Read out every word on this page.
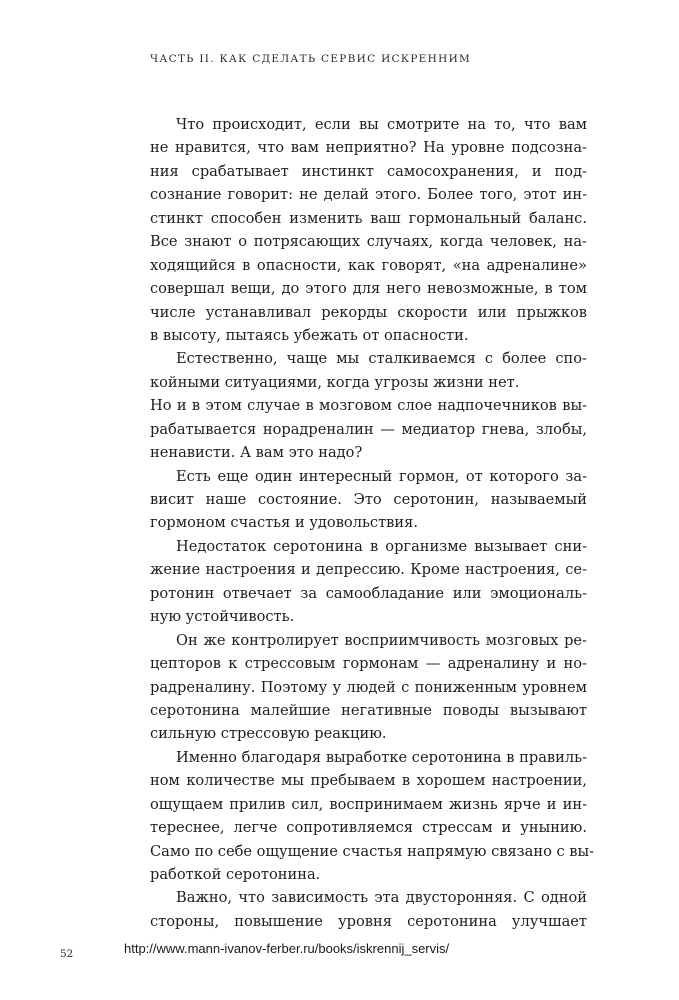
ЧАСТЬ II. КАК СДЕЛАТЬ СЕРВИС ИСКРЕННИМ
Что происходит, если вы смотрите на то, что вам
не нравится, что вам неприятно? На уровне подсозна-
ния срабатывает инстинкт самосохранения, и под-
сознание говорит: не делай этого. Более того, этот ин-
стинкт способен изменить ваш гормональный баланс.
Все знают о потрясающих случаях, когда человек, на-
ходящийся в опасности, как говорят, «на адреналине»
совершал вещи, до этого для него невозможные, в том
числе устанавливал рекорды скорости или прыжков
в высоту, пытаясь убежать от опасности.
Естественно, чаще мы сталкиваемся с более спо-
койными ситуациями, когда угрозы жизни нет.
Но и в этом случае в мозговом слое надпочечников вы-
рабатывается норадреналин — медиатор гнева, злобы,
ненависти. А вам это надо?
Есть еще один интересный гормон, от которого за-
висит наше состояние. Это серотонин, называемый
гормоном счастья и удовольствия.
Недостаток серотонина в организме вызывает сни-
жение настроения и депрессию. Кроме настроения, се-
ротонин отвечает за самообладание или эмоциональ-
ную устойчивость.
Он же контролирует восприимчивость мозговых ре-
цепторов к стрессовым гормонам — адреналину и но-
радреналину. Поэтому у людей с пониженным уровнем
серотонина малейшие негативные поводы вызывают
сильную стрессовую реакцию.
Именно благодаря выработке серотонина в правиль-
ном количестве мы пребываем в хорошем настроении,
ощущаем прилив сил, воспринимаем жизнь ярче и ин-
тереснее, легче сопротивляемся стрессам и унынию.
Само по себе ощущение счастья напрямую связано с вы-
работкой серотонина.
Важно, что зависимость эта двусторонняя. С одной
стороны, повышение уровня серотонина улучшает
52	http://www.mann-ivanov-ferber.ru/books/iskrennij_servis/
